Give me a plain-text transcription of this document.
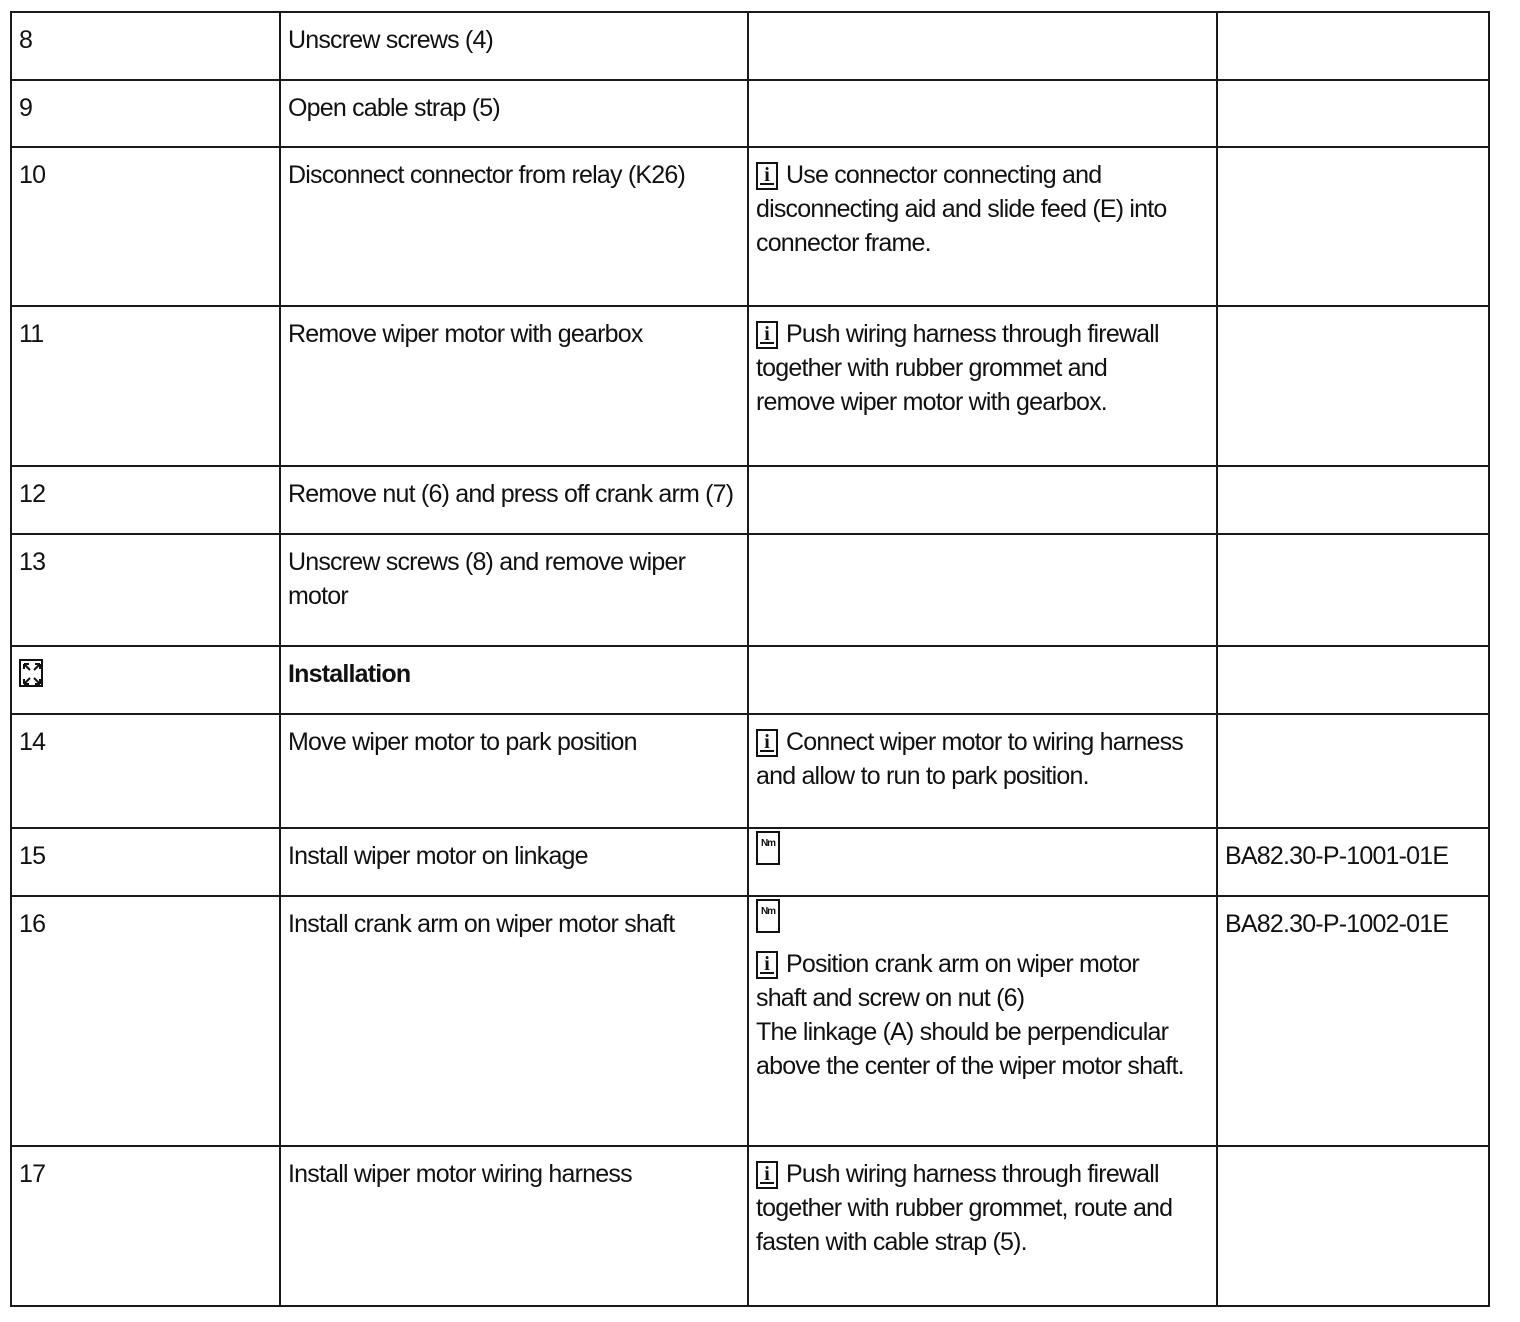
8	Unscrew screws (4)		

9	Open cable strap (5)		

10	Disconnect connector from relay (K26)	i Use connector connecting and
disconnecting aid and slide feed (E) into
connector frame.	

11	Remove wiper motor with gearbox	i Push wiring harness through firewall
together with rubber grommet and
remove wiper motor with gearbox.	

12	Remove nut (6) and press off crank arm (7)		

13	Unscrew screws (8) and remove wiper
motor		

Installation		

14	Move wiper motor to park position	i Connect wiper motor to wiring harness
and allow to run to park position.	

15	Install wiper motor on linkage	Nm	BA82.30-P-1001-01E

16	Install crank arm on wiper motor shaft	Nm
i Position crank arm on wiper motor
shaft and screw on nut (6)
The linkage (A) should be perpendicular
above the center of the wiper motor shaft.	BA82.30-P-1002-01E

17	Install wiper motor wiring harness	i Push wiring harness through firewall
together with rubber grommet, route and
fasten with cable strap (5).	
